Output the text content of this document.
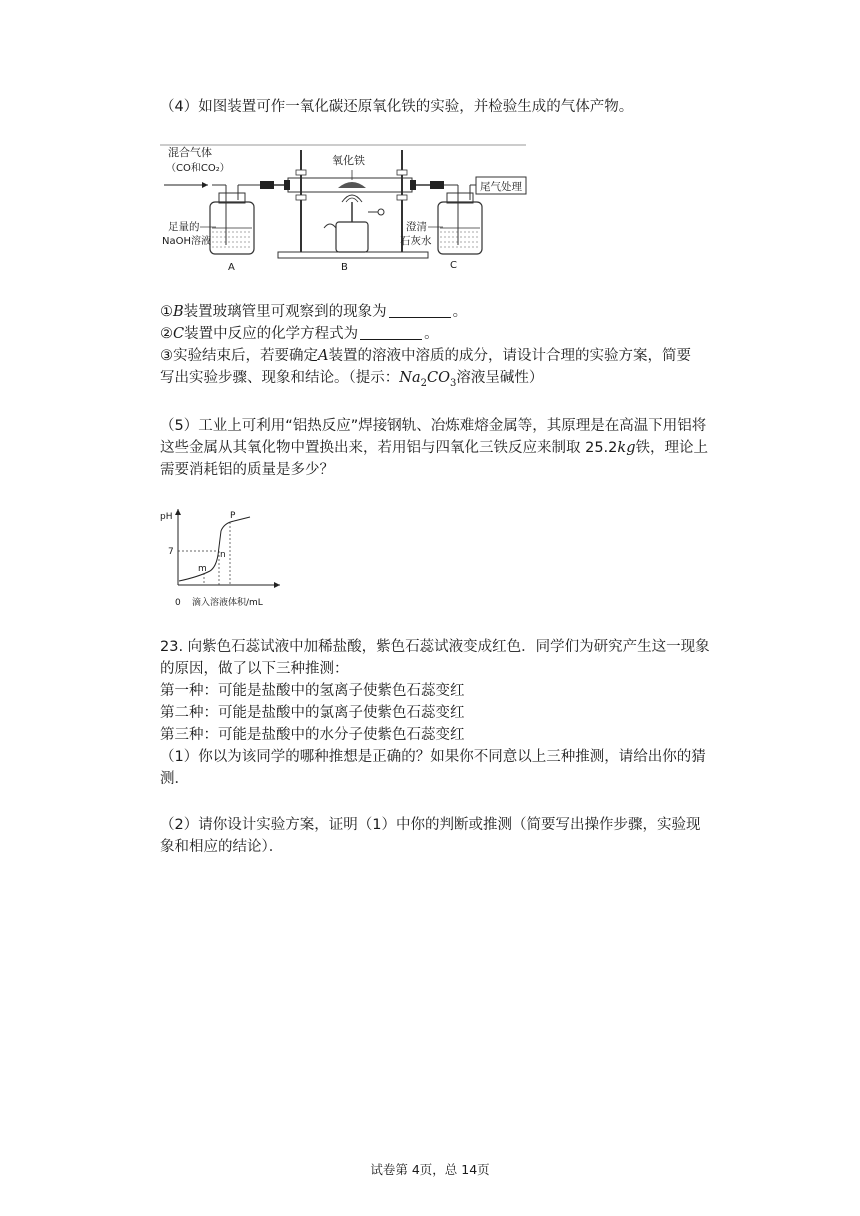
（4）如图装置可作一氧化碳还原氧化铁的实验，并检验生成的气体产物。
混合气体
（CO和CO₂）
足量的
NaOH溶液
A
氧化铁
B
澄清
石灰水
C
尾气处理
①B装置玻璃管里可观察到的现象为	。
②C装置中反应的化学方程式为	。
③实验结束后，若要确定A装置的溶液中溶质的成分，请设计合理的实验方案，简要
写出实验步骤、现象和结论。（提示：$Na_2CO_3$溶液呈碱性）
（5）工业上可利用“铝热反应”焊接钢轨、冶炼难熔金属等，其原理是在高温下用铝将
这些金属从其氧化物中置换出来，若用铝与四氧化三铁反应来制取 25.2kg铁，理论上
需要消耗铝的质量是多少？
pH
滴入溶液体积/mL
0
7
m
n
P
23. 向紫色石蕊试液中加稀盐酸，紫色石蕊试液变成红色．同学们为研究产生这一现象
的原因，做了以下三种推测：
第一种：可能是盐酸中的氢离子使紫色石蕊变红
第二种：可能是盐酸中的氯离子使紫色石蕊变红
第三种：可能是盐酸中的水分子使紫色石蕊变红
（1）你以为该同学的哪种推想是正确的？如果你不同意以上三种推测，请给出你的猜
测．
（2）请你设计实验方案，证明（1）中你的判断或推测（简要写出操作步骤，实验现
象和相应的结论）．
试卷第 4页，总 14页
